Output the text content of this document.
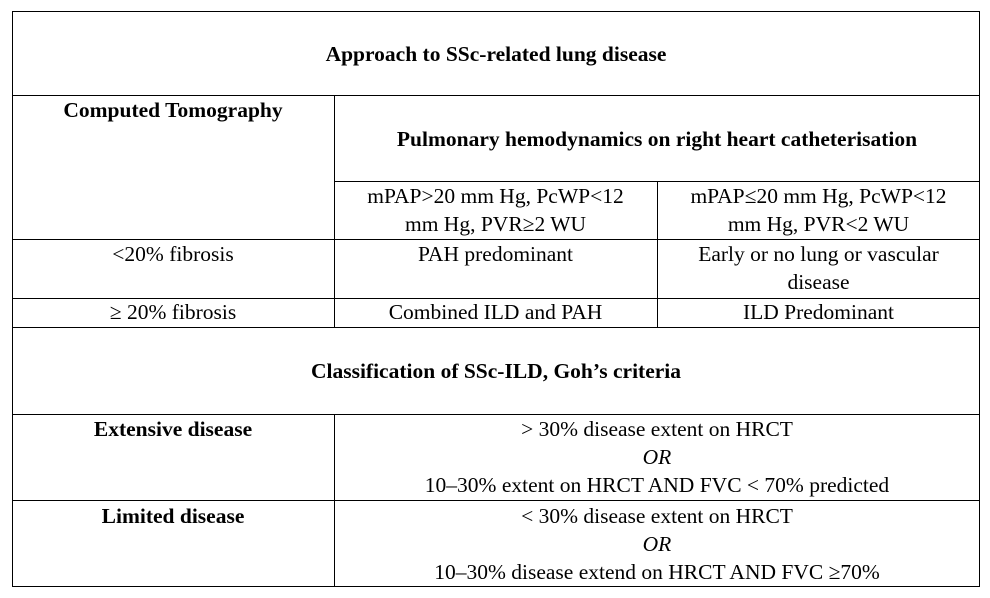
Approach to SSc-related lung disease
Computed Tomography
Pulmonary hemodynamics on right heart catheterisation
mPAP>20 mm Hg, PcWP<12
mm Hg, PVR≥2 WU
mPAP≤20 mm Hg, PcWP<12
mm Hg, PVR<2 WU
<20% fibrosis	PAH predominant	Early or no lung or vascular
disease
≥ 20% fibrosis	Combined ILD and PAH	ILD Predominant
Classification of SSc-ILD, Goh’s criteria
Extensive disease	> 30% disease extent on HRCT
OR
10–30% extent on HRCT AND FVC < 70% predicted
Limited disease	< 30% disease extent on HRCT
OR
10–30% disease extend on HRCT AND FVC ≥70%
